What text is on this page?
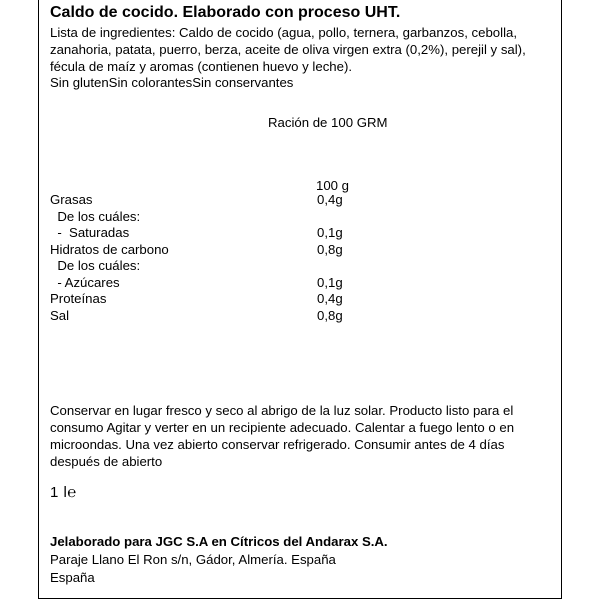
Caldo de cocido. Elaborado con proceso UHT.
Lista de ingredientes: Caldo de cocido (agua, pollo, ternera, garbanzos, cebolla, zanahoria, patata, puerro, berza, aceite de oliva virgen extra (0,2%), perejil y sal), fécula de maíz y aromas (contienen huevo y leche).
Sin glutenSin colorantesSin conservantes
Ración de 100 GRM
100 g
Grasas	0,4g
De los cuáles:
-  Saturadas	0,1g
Hidratos de carbono	0,8g
De los cuáles:
- Azúcares	0,1g
Proteínas	0,4g
Sal	0,8g
Conservar en lugar fresco y seco al abrigo de la luz solar. Producto listo para el consumo Agitar y verter en un recipiente adecuado. Calentar a fuego lento o en microondas. Una vez abierto conservar refrigerado. Consumir antes de 4 días después de abierto
1 l℮
Jelaborado para JGC S.A en Cítricos del Andarax S.A.
Paraje Llano El Ron s/n, Gádor, Almería. España
España
